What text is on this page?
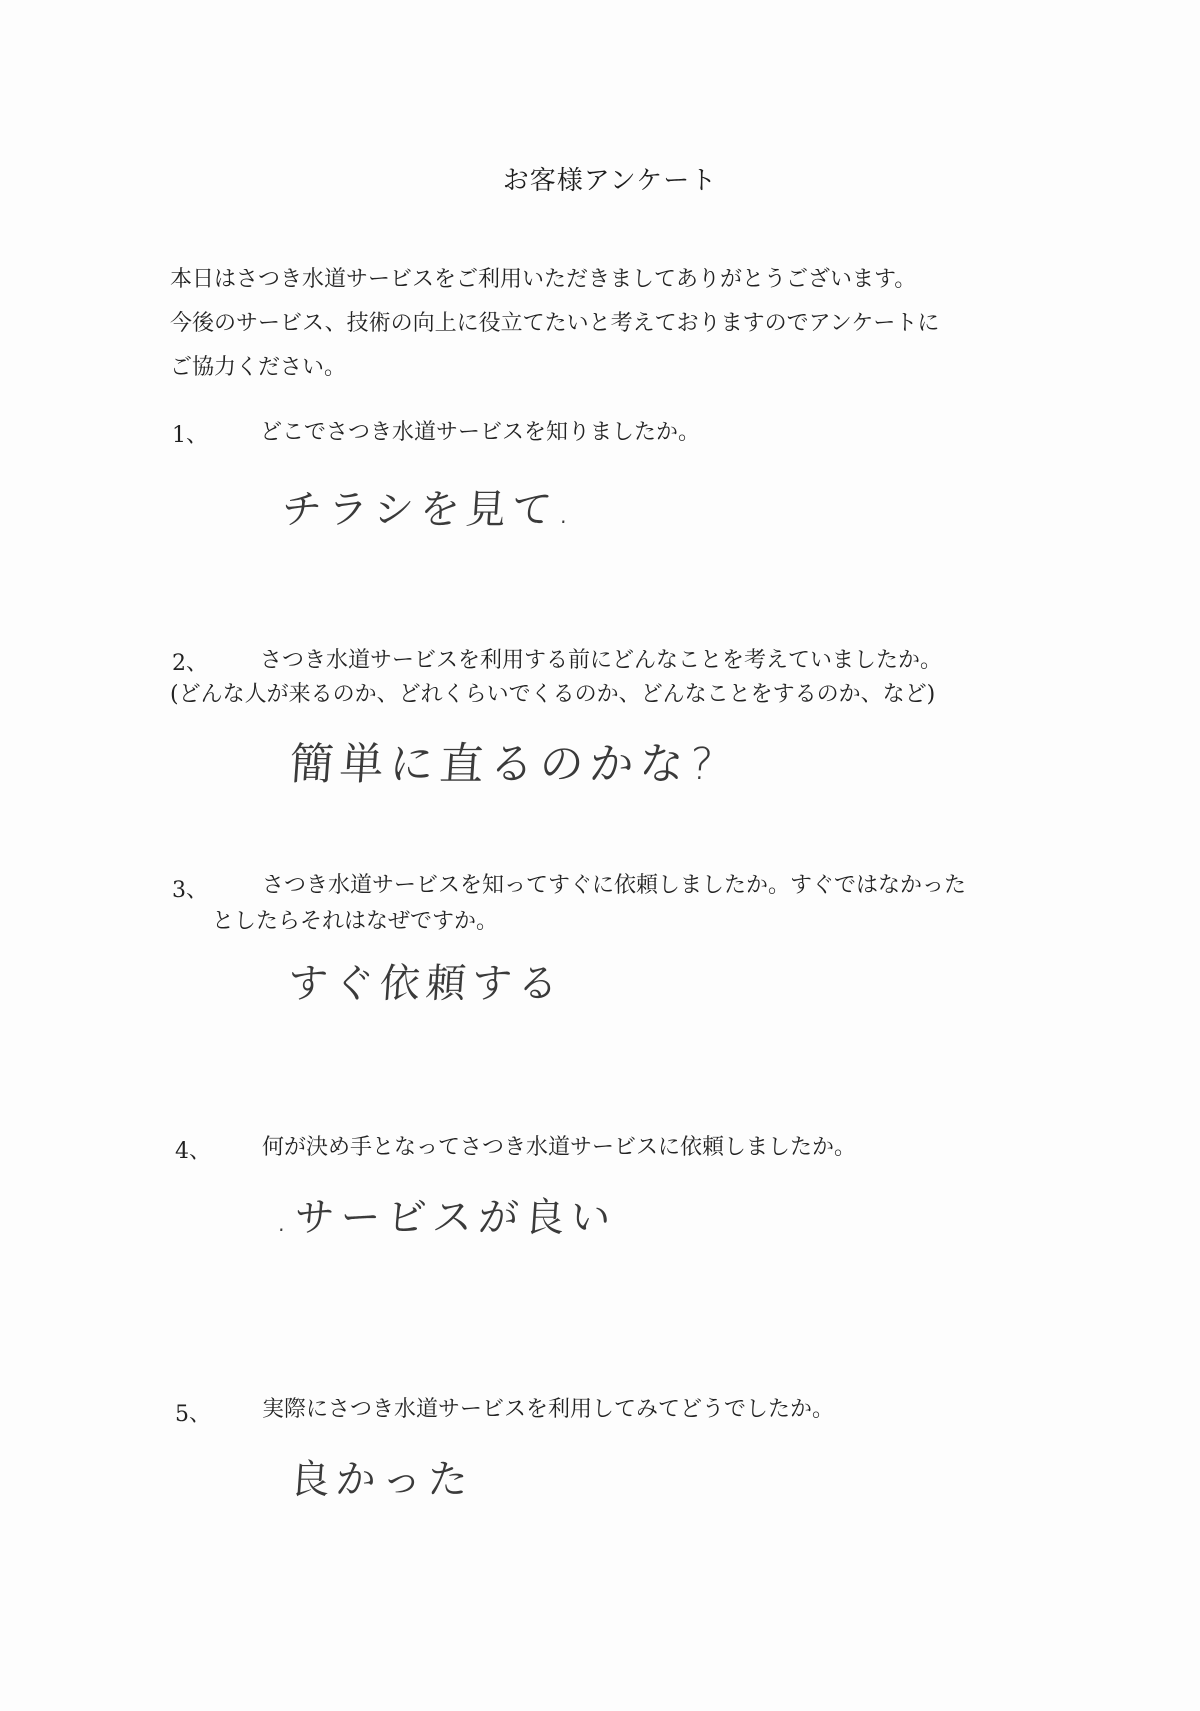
お客様アンケート
本日はさつき水道サービスをご利用いただきましてありがとうございます。
今後のサービス、技術の向上に役立てたいと考えておりますのでアンケートに
ご協力ください。
1、 どこでさつき水道サービスを知りましたか。
チラシを見て.
2、 さつき水道サービスを利用する前にどんなことを考えていましたか。
(どんな人が来るのか、どれくらいでくるのか、どんなことをするのか、など)
簡単に直るのかな?
3、 さつき水道サービスを知ってすぐに依頼しましたか。すぐではなかった
としたらそれはなぜですか。
すぐ依頼する
4、 何が決め手となってさつき水道サービスに依頼しましたか。
.サービスが良い
5、 実際にさつき水道サービスを利用してみてどうでしたか。
良かった
